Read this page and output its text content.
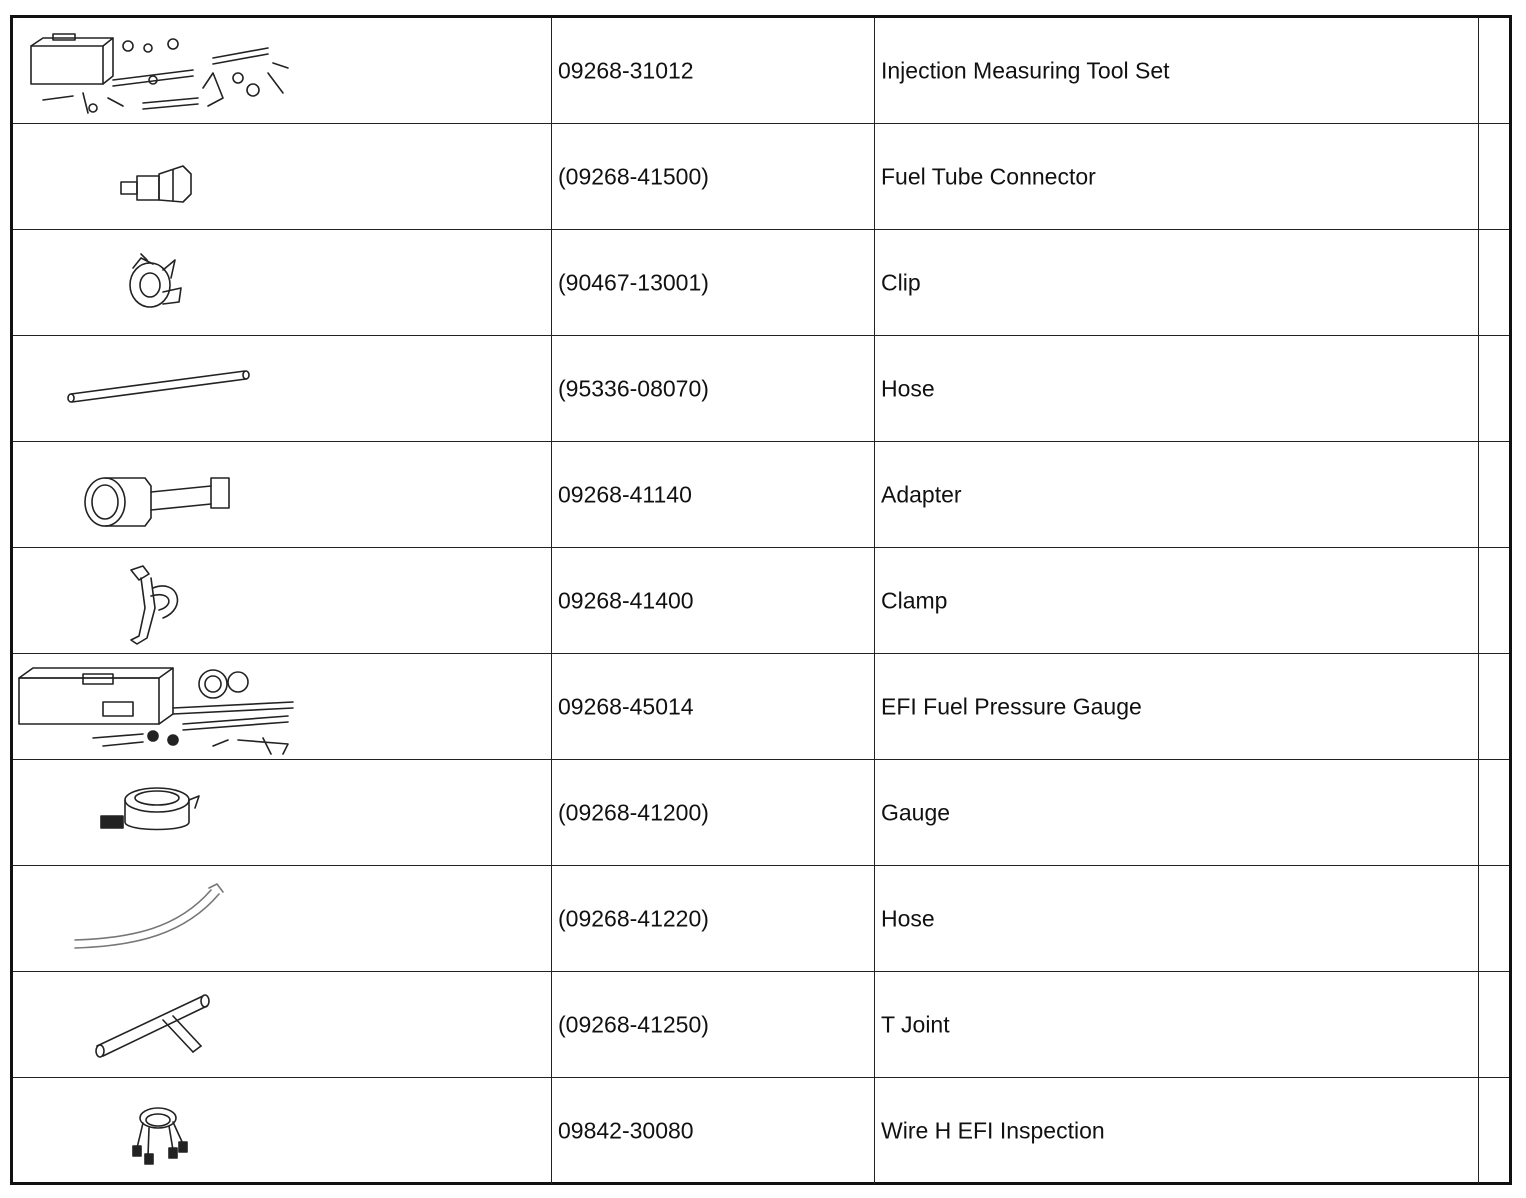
09268-31012	Injection Measuring Tool Set
(09268-41500)	Fuel Tube Connector
(90467-13001)	Clip
(95336-08070)	Hose
09268-41140	Adapter
09268-41400	Clamp
09268-45014	EFI Fuel Pressure Gauge
(09268-41200)	Gauge
(09268-41220)	Hose
(09268-41250)	T Joint
09842-30080	Wire H EFI Inspection
